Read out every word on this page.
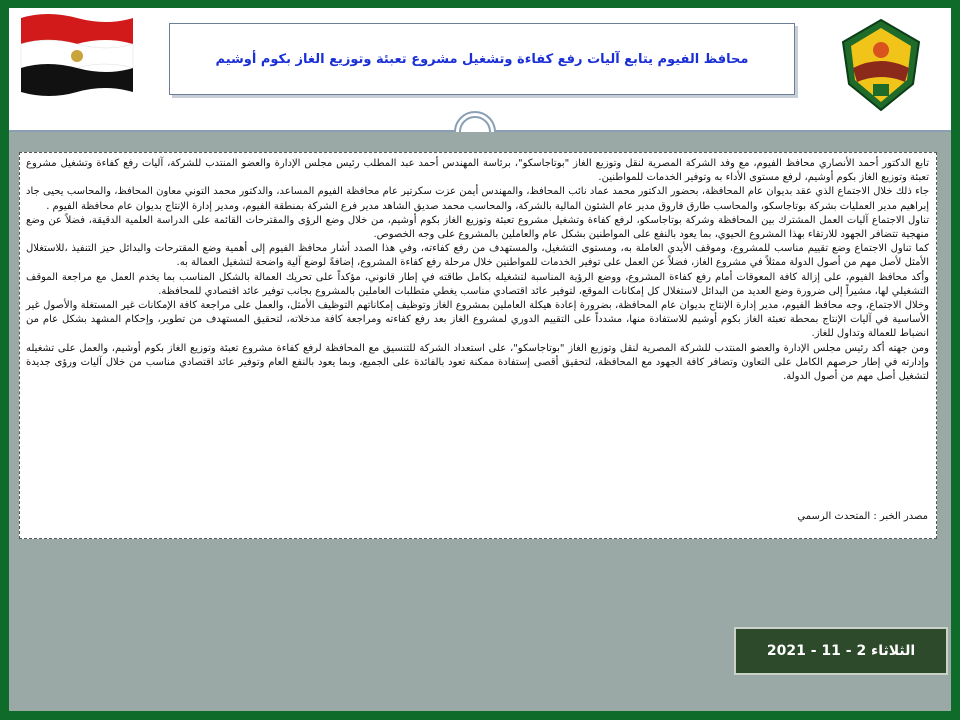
محافظ الفيوم يتابع آليات رفع كفاءة وتشغيل مشروع تعبئة وتوزيع الغاز بكوم أوشيم

تابع الدكتور أحمد الأنصاري محافظ الفيوم، مع وفد الشركة المصرية لنقل وتوزيع الغاز "بوتاجاسكو"، برئاسة المهندس أحمد عبد المطلب رئيس مجلس الإدارة والعضو المنتدب للشركة، آليات رفع كفاءة وتشغيل مشروع تعبئة وتوزيع الغاز بكوم أوشيم، لرفع مستوى الأداء به وتوفير الخدمات للمواطنين.

جاء ذلك خلال الاجتماع الذي عقد بديوان عام المحافظة، بحضور الدكتور محمد عماد نائب المحافظ، والمهندس أيمن عزت سكرتير عام محافظة الفيوم المساعد، والدكتور محمد التوني معاون المحافظ، والمحاسب يحيى جاد إبراهيم مدير العمليات بشركة بوتاجاسكو، والمحاسب طارق فاروق مدير عام الشئون المالية بالشركة، والمحاسب محمد صديق الشاهد مدير فرع الشركة بمنطقة الفيوم، ومدير إدارة الإنتاج بديوان عام محافظة الفيوم .

تناول الاجتماع آليات العمل المشترك بين المحافظة وشركة بوتاجاسكو، لرفع كفاءة وتشغيل مشروع تعبئة وتوزيع الغاز بكوم أوشيم، من خلال وضع الرؤى والمقترحات القائمة على الدراسة العلمية الدقيقة، فضلاً عن وضع منهجية تتضافر الجهود للارتقاء بهذا المشروع الحيوي، بما يعود بالنفع على المواطنين بشكل عام والعاملين بالمشروع على وجه الخصوص.

كما تناول الاجتماع وضع تقييم مناسب للمشروع، وموقف الأيدي العاملة به، ومستوى التشغيل، والمستهدف من رفع كفاءته، وفي هذا الصدد أشار محافظ الفيوم إلى أهمية وضع المقترحات والبدائل حيز التنفيذ ،للاستغلال الأمثل لأصل مهم من أصول الدولة ممثلاً في مشروع الغاز، فضلاً عن العمل على توفير الخدمات للمواطنين خلال مرحلة رفع كفاءة المشروع، إضافةً لوضع آلية واضحة لتشغيل العمالة به.

وأكد محافظ الفيوم، على إزالة كافة المعوقات أمام رفع كفاءة المشروع، ووضع الرؤية المناسبة لتشغيله بكامل طاقته في إطار قانوني، مؤكداً على تحريك العمالة بالشكل المناسب بما يخدم العمل مع مراجعة الموقف التشغيلي لها، مشيراً إلى ضرورة وضع العديد من البدائل لاستغلال كل إمكانات الموقع، لتوفير عائد اقتصادي مناسب يغطي متطلبات العاملين بالمشروع بجانب توفير عائد اقتصادي للمحافظة.

وخلال الاجتماع، وجه محافظ الفيوم، مدير إدارة الإنتاج بديوان عام المحافظة، بضرورة إعادة هيكلة العاملين بمشروع الغاز وتوظيف إمكاناتهم التوظيف الأمثل، والعمل على مراجعة كافة الإمكانات غير المستغلة والأصول غير الأساسية في آليات الإنتاج بمحطة تعبئة الغاز بكوم أوشيم للاستفادة منها، مشدداً على التقييم الدوري لمشروع الغاز بعد رفع كفاءته ومراجعة كافة مدخلاته، لتحقيق المستهدف من تطوير، وإحكام المشهد بشكل عام من انضباط للعمالة وتداول للغاز.

ومن جهته أكد رئيس مجلس الإدارة والعضو المنتدب للشركة المصرية لنقل وتوزيع الغاز "بوتاجاسكو"، على استعداد الشركة للتنسيق مع المحافظة لرفع كفاءة مشروع تعبئة وتوزيع الغاز بكوم أوشيم، والعمل على تشغيله وإدارته في إطار حرصهم الكامل على التعاون وتضافر كافة الجهود مع المحافظة، لتحقيق أقصى إستفادة ممكنة تعود بالفائدة على الجميع، وبما يعود بالنفع العام وتوفير عائد اقتصادي مناسب من خلال آليات ورؤى جديدة لتشغيل أصل مهم من أصول الدولة.

مصدر الخبر : المتحدث الرسمي
الثلاثاء 2 - 11 - 2021
